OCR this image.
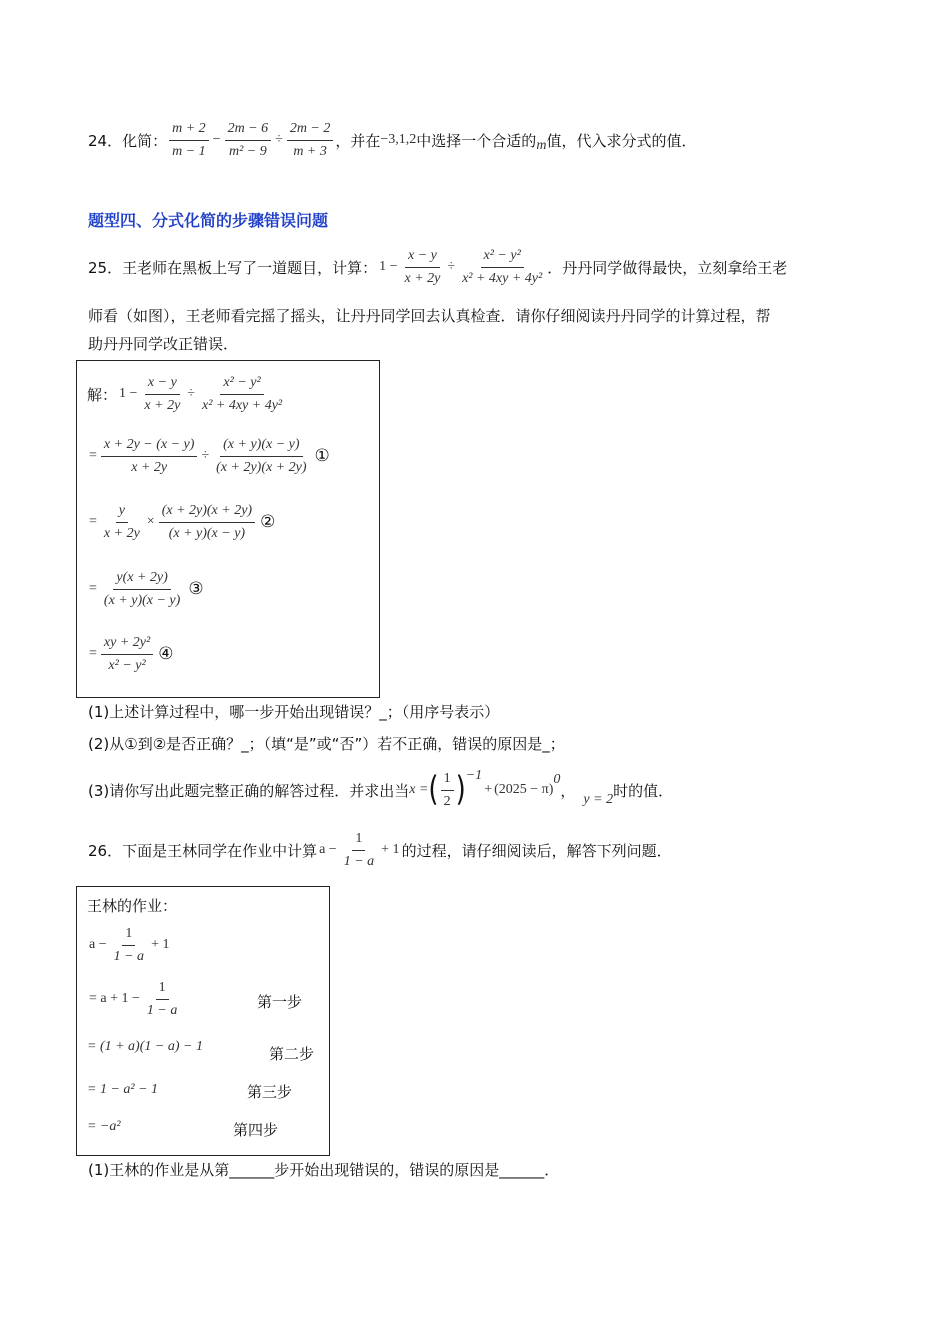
24．化简： $\frac{m + 2}{m - 1} - \frac{2m - 6}{\text{m² − 9}} \div \frac{2m - 2}{m + 3}$ ，并在 −3,1,2 中选择一个合适的 m 值，代入求分式的值．
题型四、分式化简的步骤错误问题
25．王老师在黑板上写了一道题目，计算： $1 - \frac{x - y}{x + 2y} \div \frac{\text{x² − y²}}{\text{x² + 4xy + 4y²}}$ ．丹丹同学做得最快，立刻拿给王老
师看（如图），王老师看完摇了摇头，让丹丹同学回去认真检查．请你仔细阅读丹丹同学的计算过程，帮
助丹丹同学改正错误．
解： $1 - \frac{x - y}{x + 2y} \div \frac{\text{x² − y²}}{\text{x² + 4xy + 4y²}}$
= $\frac{x + 2y - (x - y)}{x + 2y} \div \frac{(x + y)(x - y)}{(x + 2y)(x + 2y)}$ ①
= $\frac{y}{x + 2y} \times \frac{(x + 2y)(x + 2y)}{(x + y)(x - y)}$ ②
= $\frac{y(x + 2y)}{(x + y)(x - y)}$ ③
= $\frac{\text{xy + 2y²}}{\text{x² − y²}}$ ④
(1)上述计算过程中，哪一步开始出现错误？_；（用序号表示）
(2)从①到②是否正确？_；（填“是”或“否”）若不正确，错误的原因是_；
(3)请你写出此题完整正确的解答过程．并求出当 x = ( $\frac{1}{2} )^{-1}$
+ (2025 − π)
$^0$
， y = 2 时的值．
26．下面是王林同学在作业中计算 $a - \frac{1}{1 - a} + 1$ 的过程，请仔细阅读后，解答下列问题．
王林的作业：
$a - \frac{1}{1 - a} + 1$
= $a + 1 - \frac{1}{1 - a}$	第一步
= (1 + a)(1 − a) − 1	第二步
= 1 − a² − 1	第三步
= −a²	第四步
(1)王林的作业是从第______步开始出现错误的，错误的原因是______．
